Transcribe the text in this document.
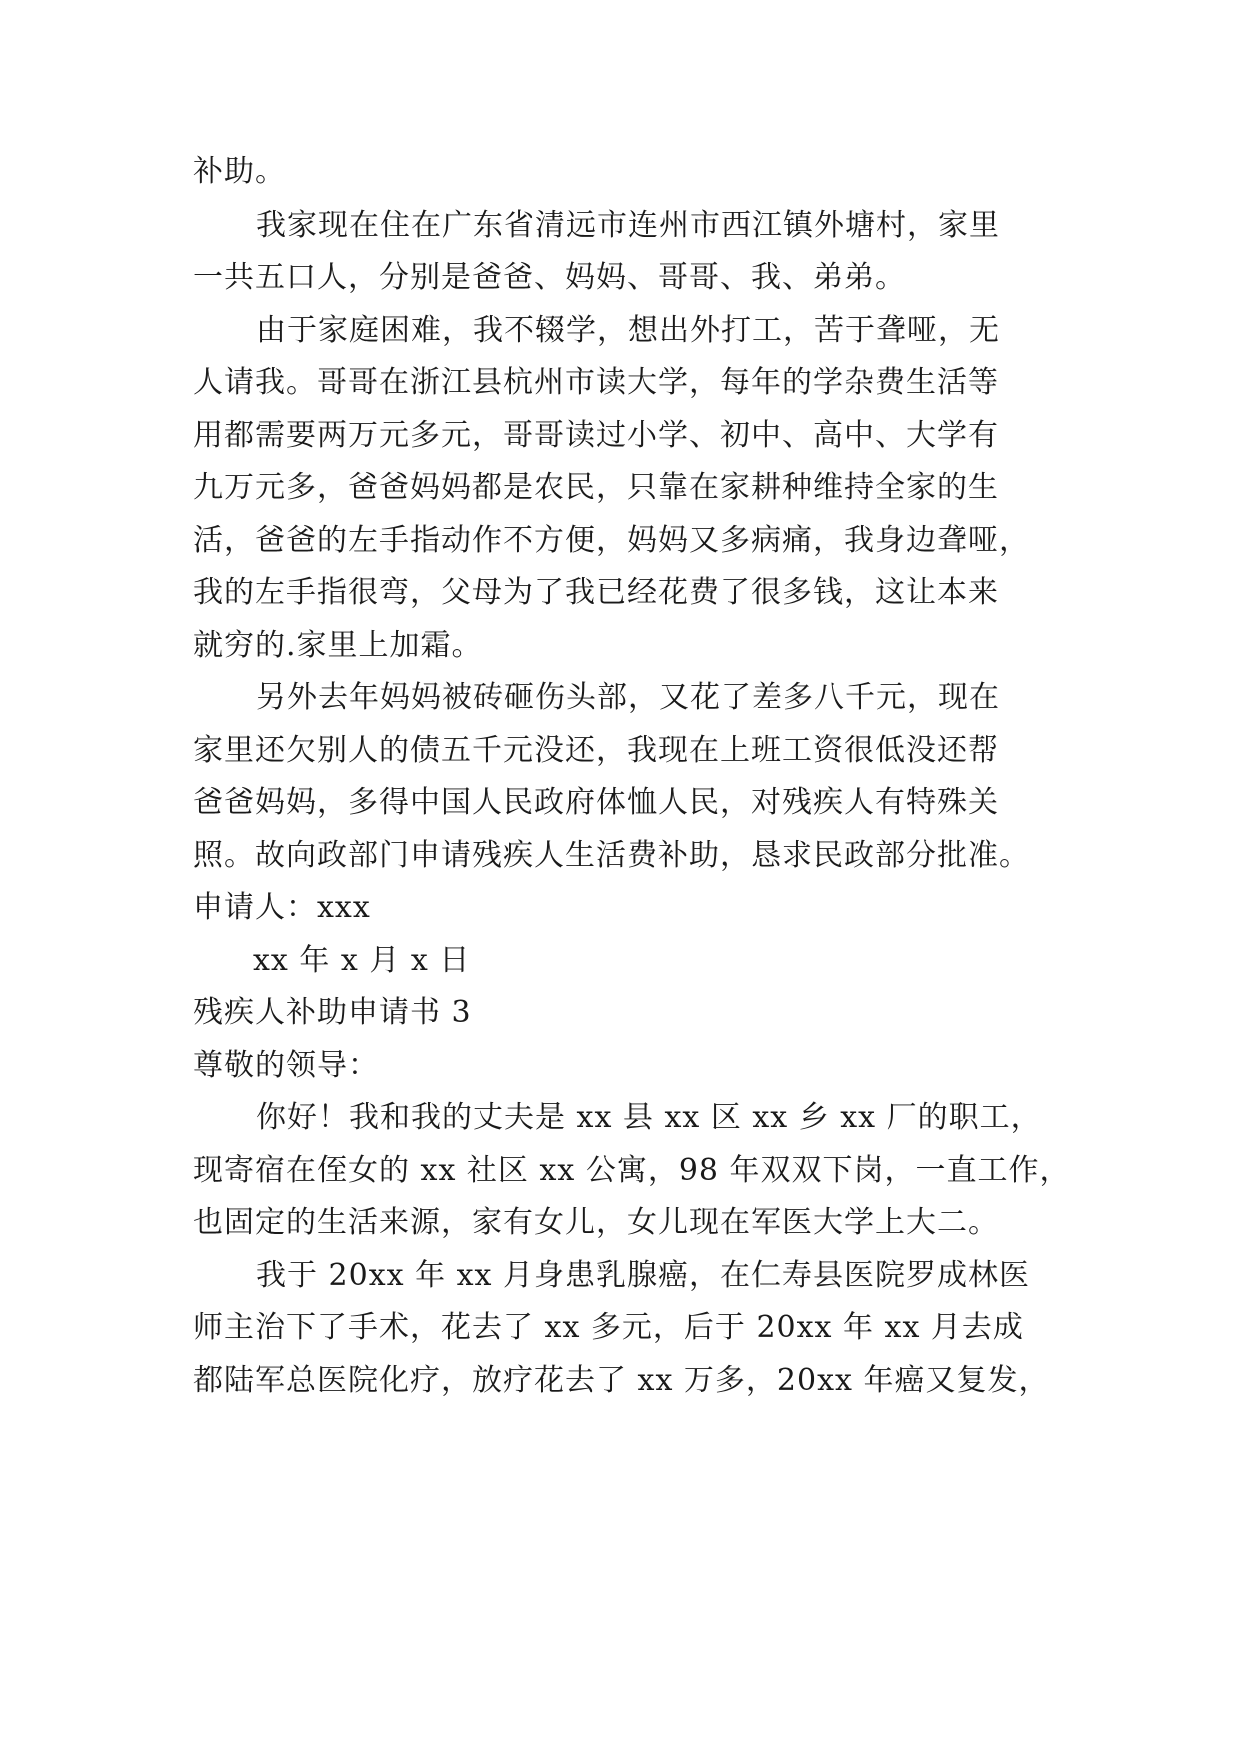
补助。
我家现在住在广东省清远市连州市西江镇外塘村，家里
一共五口人，分别是爸爸、妈妈、哥哥、我、弟弟。
由于家庭困难，我不辍学，想出外打工，苦于聋哑，无
人请我。哥哥在浙江县杭州市读大学，每年的学杂费生活等
用都需要两万元多元，哥哥读过小学、初中、高中、大学有
九万元多，爸爸妈妈都是农民，只靠在家耕种维持全家的生
活，爸爸的左手指动作不方便，妈妈又多病痛，我身边聋哑，
我的左手指很弯，父母为了我已经花费了很多钱，这让本来
就穷的.家里上加霜。
另外去年妈妈被砖砸伤头部，又花了差多八千元，现在
家里还欠别人的债五千元没还，我现在上班工资很低没还帮
爸爸妈妈，多得中国人民政府体恤人民，对残疾人有特殊关
照。故向政部门申请残疾人生活费补助，恳求民政部分批准。
申请人：xxx
xx 年 x 月 x 日
残疾人补助申请书 3
尊敬的领导：
你好！我和我的丈夫是 xx 县 xx 区 xx 乡 xx 厂的职工，
现寄宿在侄女的 xx 社区 xx 公寓，98 年双双下岗，一直工作，
也固定的生活来源，家有女儿，女儿现在军医大学上大二。
我于 20xx 年 xx 月身患乳腺癌，在仁寿县医院罗成林医
师主治下了手术，花去了 xx 多元，后于 20xx 年 xx 月去成
都陆军总医院化疗，放疗花去了 xx 万多，20xx 年癌又复发，
